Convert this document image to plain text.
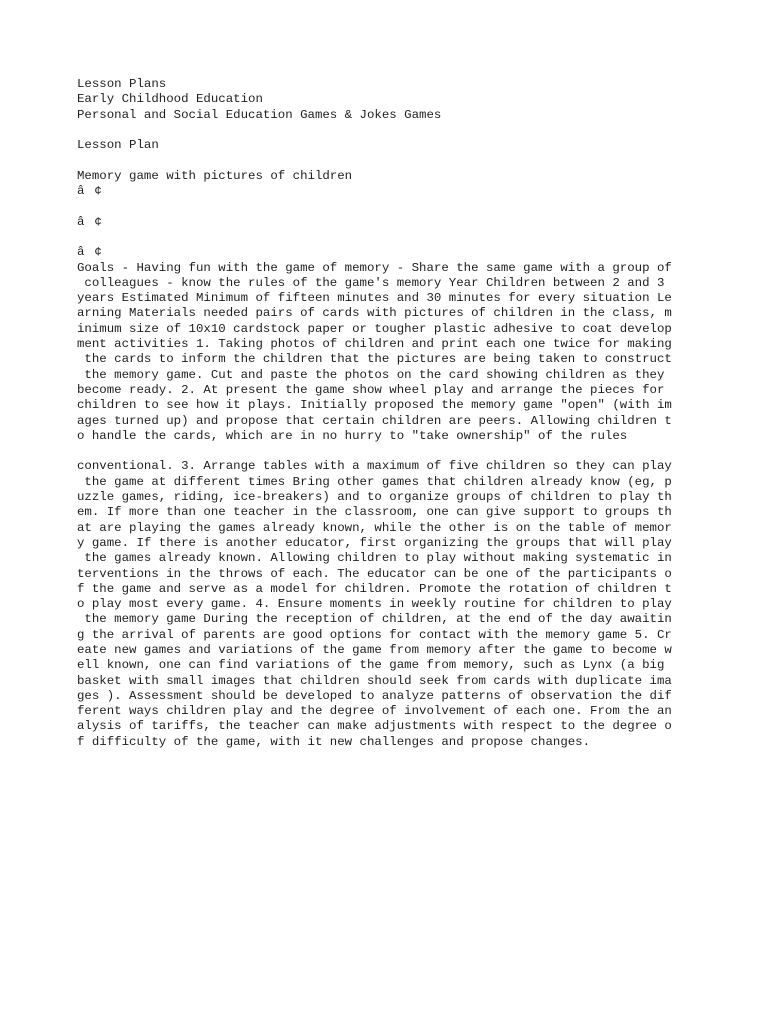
Lesson Plans
Early Childhood Education
Personal and Social Education Games & Jokes Games
Lesson Plan
Memory game with pictures of children
â¢
â¢
â¢
Goals - Having fun with the game of memory - Share the same game with a group of
colleagues - know the rules of the game's memory Year Children between 2 and 3
years Estimated Minimum of fifteen minutes and 30 minutes for every situation Le
arning Materials needed pairs of cards with pictures of children in the class, m
inimum size of 10x10 cardstock paper or tougher plastic adhesive to coat develop
ment activities 1. Taking photos of children and print each one twice for making
the cards to inform the children that the pictures are being taken to construct
the memory game. Cut and paste the photos on the card showing children as they
become ready. 2. At present the game show wheel play and arrange the pieces for
children to see how it plays. Initially proposed the memory game "open" (with im
ages turned up) and propose that certain children are peers. Allowing children t
o handle the cards, which are in no hurry to "take ownership" of the rules
conventional. 3. Arrange tables with a maximum of five children so they can play
the game at different times Bring other games that children already know (eg, p
uzzle games, riding, ice-breakers) and to organize groups of children to play th
em. If more than one teacher in the classroom, one can give support to groups th
at are playing the games already known, while the other is on the table of memor
y game. If there is another educator, first organizing the groups that will play
the games already known. Allowing children to play without making systematic in
terventions in the throws of each. The educator can be one of the participants o
f the game and serve as a model for children. Promote the rotation of children t
o play most every game. 4. Ensure moments in weekly routine for children to play
the memory game During the reception of children, at the end of the day awaitin
g the arrival of parents are good options for contact with the memory game 5. Cr
eate new games and variations of the game from memory after the game to become w
ell known, one can find variations of the game from memory, such as Lynx (a big
basket with small images that children should seek from cards with duplicate ima
ges ). Assessment should be developed to analyze patterns of observation the dif
ferent ways children play and the degree of involvement of each one. From the an
alysis of tariffs, the teacher can make adjustments with respect to the degree o
f difficulty of the game, with it new challenges and propose changes.
